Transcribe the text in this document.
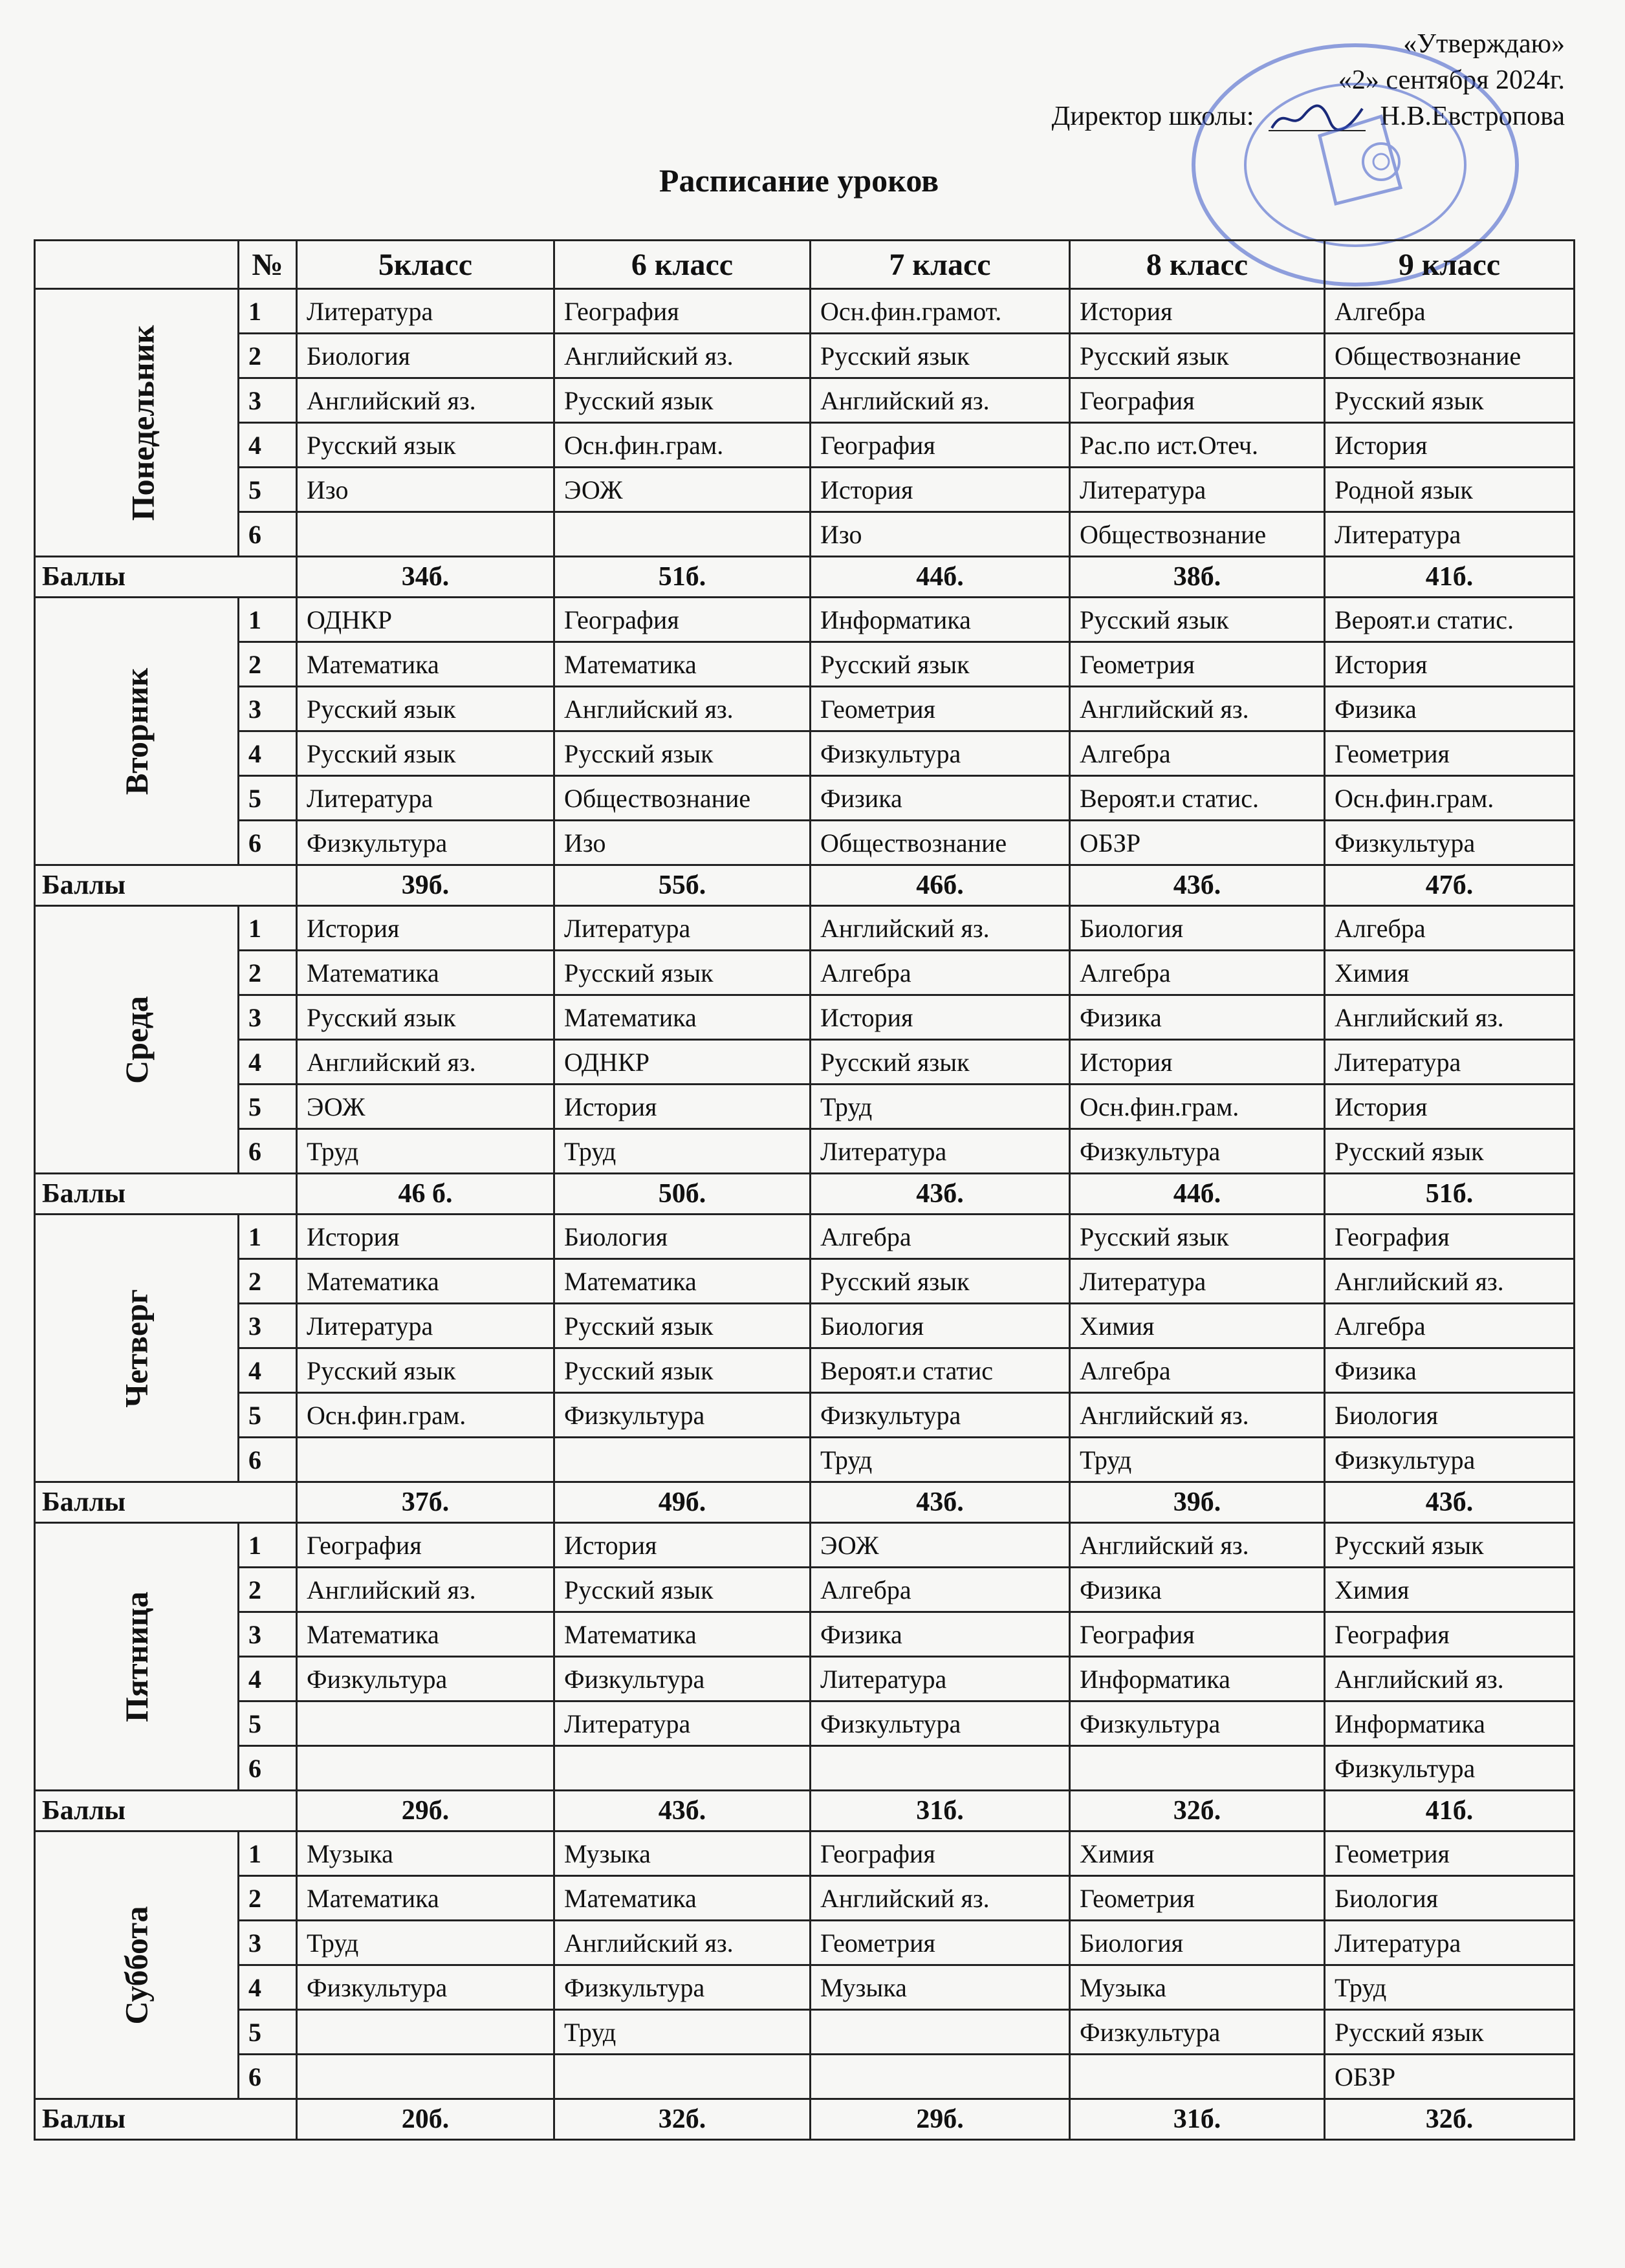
«Утверждаю»
«2» сентября 2024г.
Директор школы:	Н.В.Евстропова
Расписание уроков
	№	5класс	6 класс	7 класс	8 класс	9 класс
Понедельник	1	Литература	География	Осн.фин.грамот.	История	Алгебра
	2	Биология	Английский яз.	Русский язык	Русский язык	Обществознание
	3	Английский яз.	Русский язык	Английский яз.	География	Русский язык
	4	Русский язык	Осн.фин.грам.	География	Рас.по ист.Отеч.	История
	5	Изо	ЭОЖ	История	Литература	Родной язык
	6			Изо	Обществознание	Литература
Баллы		34б.	51б.	44б.	38б.	41б.
Вторник	1	ОДНКР	География	Информатика	Русский язык	Вероят.и статис.
	2	Математика	Математика	Русский язык	Геометрия	История
	3	Русский язык	Английский яз.	Геометрия	Английский яз.	Физика
	4	Русский язык	Русский язык	Физкультура	Алгебра	Геометрия
	5	Литература	Обществознание	Физика	Вероят.и статис.	Осн.фин.грам.
	6	Физкультура	Изо	Обществознание	ОБЗР	Физкультура
Баллы		39б.	55б.	46б.	43б.	47б.
Среда	1	История	Литература	Английский яз.	Биология	Алгебра
	2	Математика	Русский язык	Алгебра	Алгебра	Химия
	3	Русский язык	Математика	История	Физика	Английский яз.
	4	Английский яз.	ОДНКР	Русский язык	История	Литература
	5	ЭОЖ	История	Труд	Осн.фин.грам.	История
	6	Труд	Труд	Литература	Физкультура	Русский язык
Баллы		46 б.	50б.	43б.	44б.	51б.
Четверг	1	История	Биология	Алгебра	Русский язык	География
	2	Математика	Математика	Русский язык	Литература	Английский яз.
	3	Литература	Русский язык	Биология	Химия	Алгебра
	4	Русский язык	Русский язык	Вероят.и статис	Алгебра	Физика
	5	Осн.фин.грам.	Физкультура	Физкультура	Английский яз.	Биология
	6			Труд	Труд	Физкультура
Баллы		37б.	49б.	43б.	39б.	43б.
Пятница	1	География	История	ЭОЖ	Английский яз.	Русский язык
	2	Английский яз.	Русский язык	Алгебра	Физика	Химия
	3	Математика	Математика	Физика	География	География
	4	Физкультура	Физкультура	Литература	Информатика	Английский яз.
	5		Литература	Физкультура	Физкультура	Информатика
	6					Физкультура
Баллы		29б.	43б.	31б.	32б.	41б.
Суббота	1	Музыка	Музыка	География	Химия	Геометрия
	2	Математика	Математика	Английский яз.	Геометрия	Биология
	3	Труд	Английский яз.	Геометрия	Биология	Литература
	4	Физкультура	Физкультура	Музыка	Музыка	Труд
	5		Труд		Физкультура	Русский язык
	6					ОБЗР
Баллы		20б.	32б.	29б.	31б.	32б.
